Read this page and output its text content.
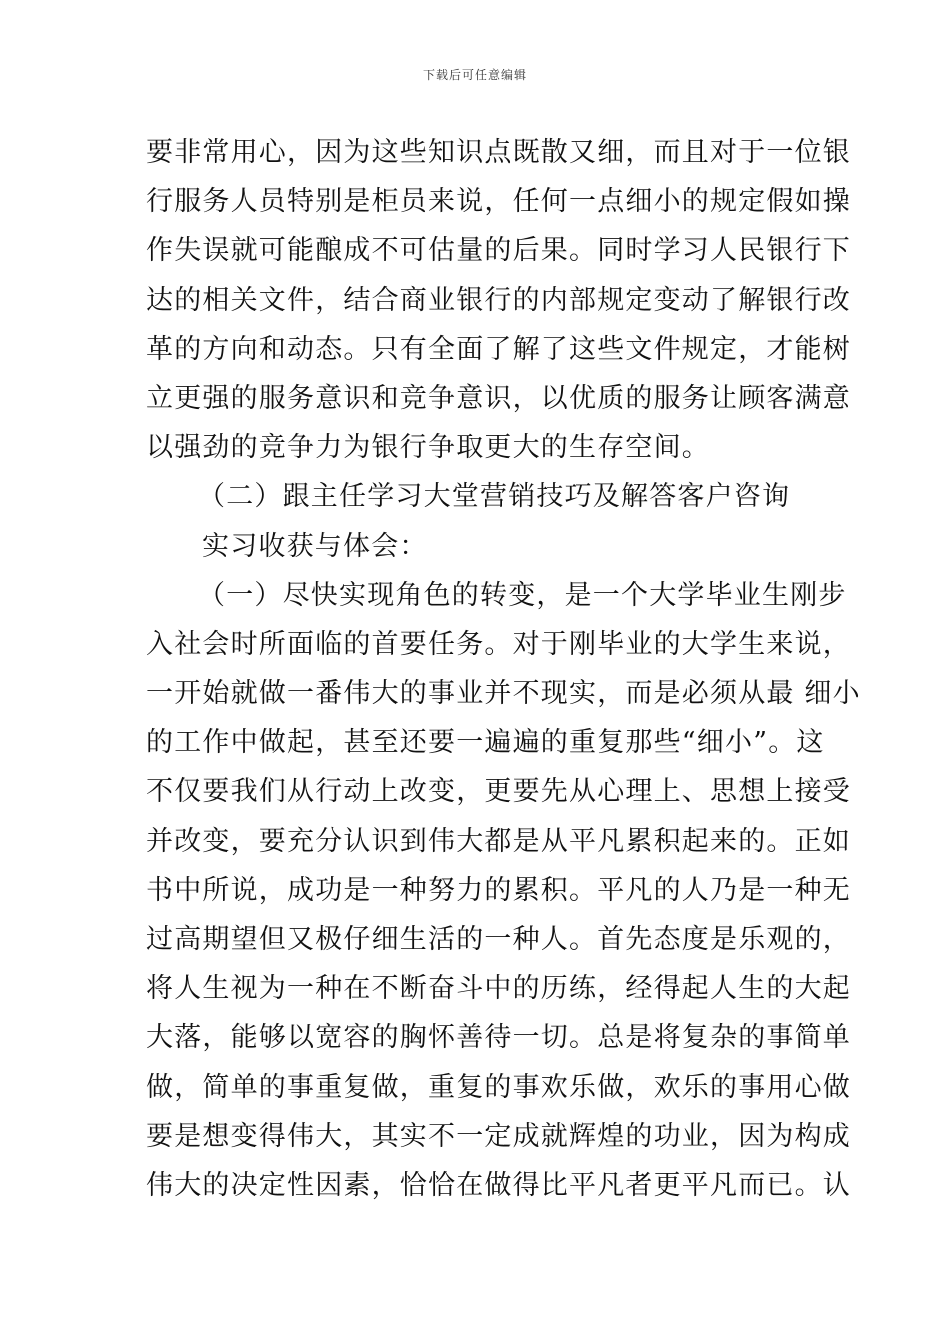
下载后可任意编辑
要非常用心，因为这些知识点既散又细，而且对于一位银
行服务人员特别是柜员来说，任何一点细小的规定假如操
作失误就可能酿成不可估量的后果。同时学习人民银行下
达的相关文件，结合商业银行的内部规定变动了解银行改
革的方向和动态。只有全面了解了这些文件规定，才能树
立更强的服务意识和竞争意识，以优质的服务让顾客满意
以强劲的竞争力为银行争取更大的生存空间。
（二）跟主任学习大堂营销技巧及解答客户咨询
实习收获与体会：
（一）尽快实现角色的转变，是一个大学毕业生刚步
入社会时所面临的首要任务。对于刚毕业的大学生来说，
一开始就做一番伟大的事业并不现实，而是必须从最 细小
的工作中做起，甚至还要一遍遍的重复那些“细小”。这
不仅要我们从行动上改变，更要先从心理上、思想上接受
并改变，要充分认识到伟大都是从平凡累积起来的。正如
书中所说，成功是一种努力的累积。平凡的人乃是一种无
过高期望但又极仔细生活的一种人。首先态度是乐观的，
将人生视为一种在不断奋斗中的历练，经得起人生的大起
大落，能够以宽容的胸怀善待一切。总是将复杂的事简单
做，简单的事重复做，重复的事欢乐做，欢乐的事用心做
要是想变得伟大，其实不一定成就辉煌的功业，因为构成
伟大的决定性因素，恰恰在做得比平凡者更平凡而已。认
